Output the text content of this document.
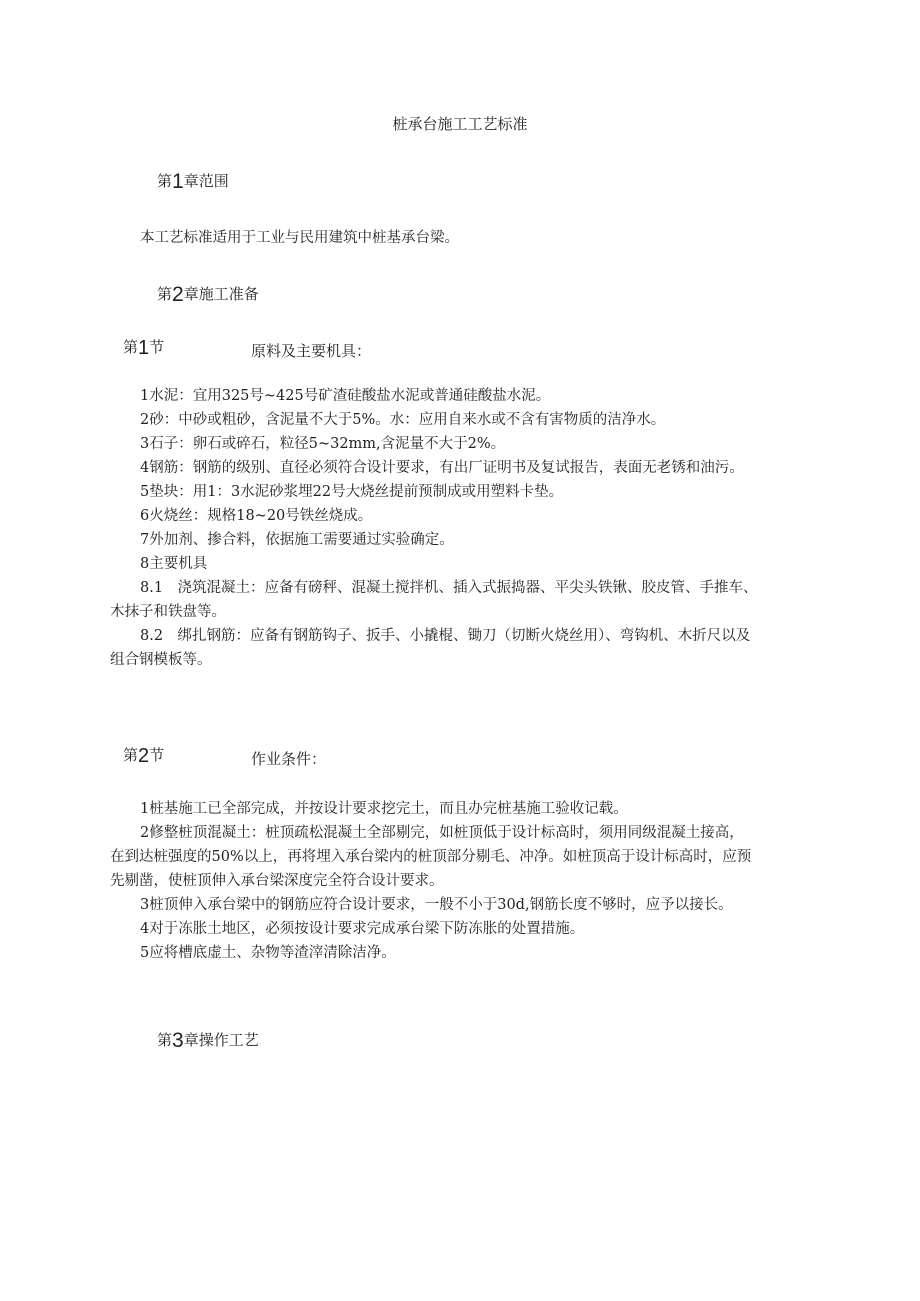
桩承台施工工艺标准
第1章范围
本工艺标准适用于工业与民用建筑中桩基承台梁。
第2章施工准备
第1节	原料及主要机具：
1水泥：宜用325号~425号矿渣硅酸盐水泥或普通硅酸盐水泥。
2砂：中砂或粗砂，含泥量不大于5%。水：应用自来水或不含有害物质的洁净水。
3石子：卵石或碎石，粒径5~32mm,含泥量不大于2%。
4钢筋：钢筋的级别、直径必须符合设计要求，有出厂证明书及复试报告，表面无老锈和油污。
5垫块：用1：3水泥砂浆埋22号大烧丝提前预制成或用塑料卡垫。
6火烧丝：规格18~20号铁丝烧成。
7外加剂、掺合料，依据施工需要通过实验确定。
8主要机具
8.1　浇筑混凝土：应备有磅秤、混凝土搅拌机、插入式振捣器、平尖头铁锹、胶皮管、手推车、
木抹子和铁盘等。
8.2　绑扎钢筋：应备有钢筋钩子、扳手、小撬棍、锄刀（切断火烧丝用）、弯钩机、木折尺以及
组合钢模板等。
第2节	作业条件：
1桩基施工已全部完成，并按设计要求挖完土，而且办完桩基施工验收记载。
2修整桩顶混凝土：桩顶疏松混凝土全部剔完，如桩顶低于设计标高时，须用同级混凝土接高，
在到达桩强度的50%以上，再将埋入承台梁内的桩顶部分剔毛、冲净。如桩顶高于设计标高时，应预
先剔凿，使桩顶伸入承台梁深度完全符合设计要求。
3桩顶伸入承台梁中的钢筋应符合设计要求，一般不小于30d,钢筋长度不够时，应予以接长。
4对于冻胀土地区，必须按设计要求完成承台梁下防冻胀的处置措施。
5应将槽底虚土、杂物等渣滓清除洁净。
第3章操作工艺
